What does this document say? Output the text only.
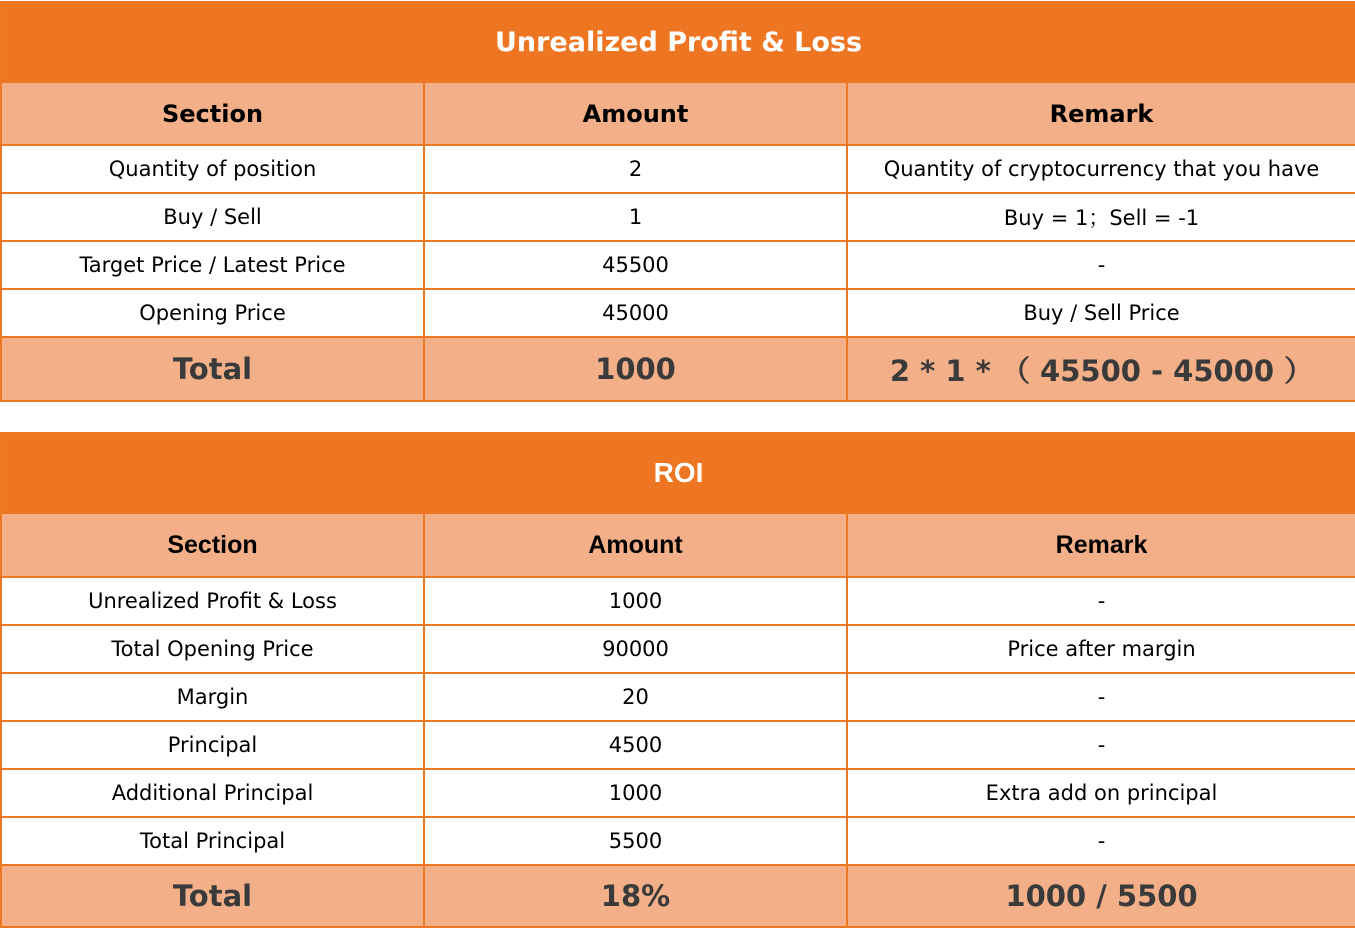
Unrealized Profit & Loss		
Section	Amount	Remark
Quantity of position	2	Quantity of cryptocurrency that you have
Buy / Sell	1	Buy = 1；Sell = -1
Target Price / Latest Price	45500	-
Opening Price	45000	Buy / Sell Price
Total	1000	2 * 1 * （ 45500 - 45000 ）
ROI		
Section	Amount	Remark
Unrealized Profit & Loss	1000	-
Total Opening Price	90000	Price after margin
Margin	20	-
Principal	4500	-
Additional Principal	1000	Extra add on principal
Total Principal	5500	-
Total	18%	1000 / 5500
